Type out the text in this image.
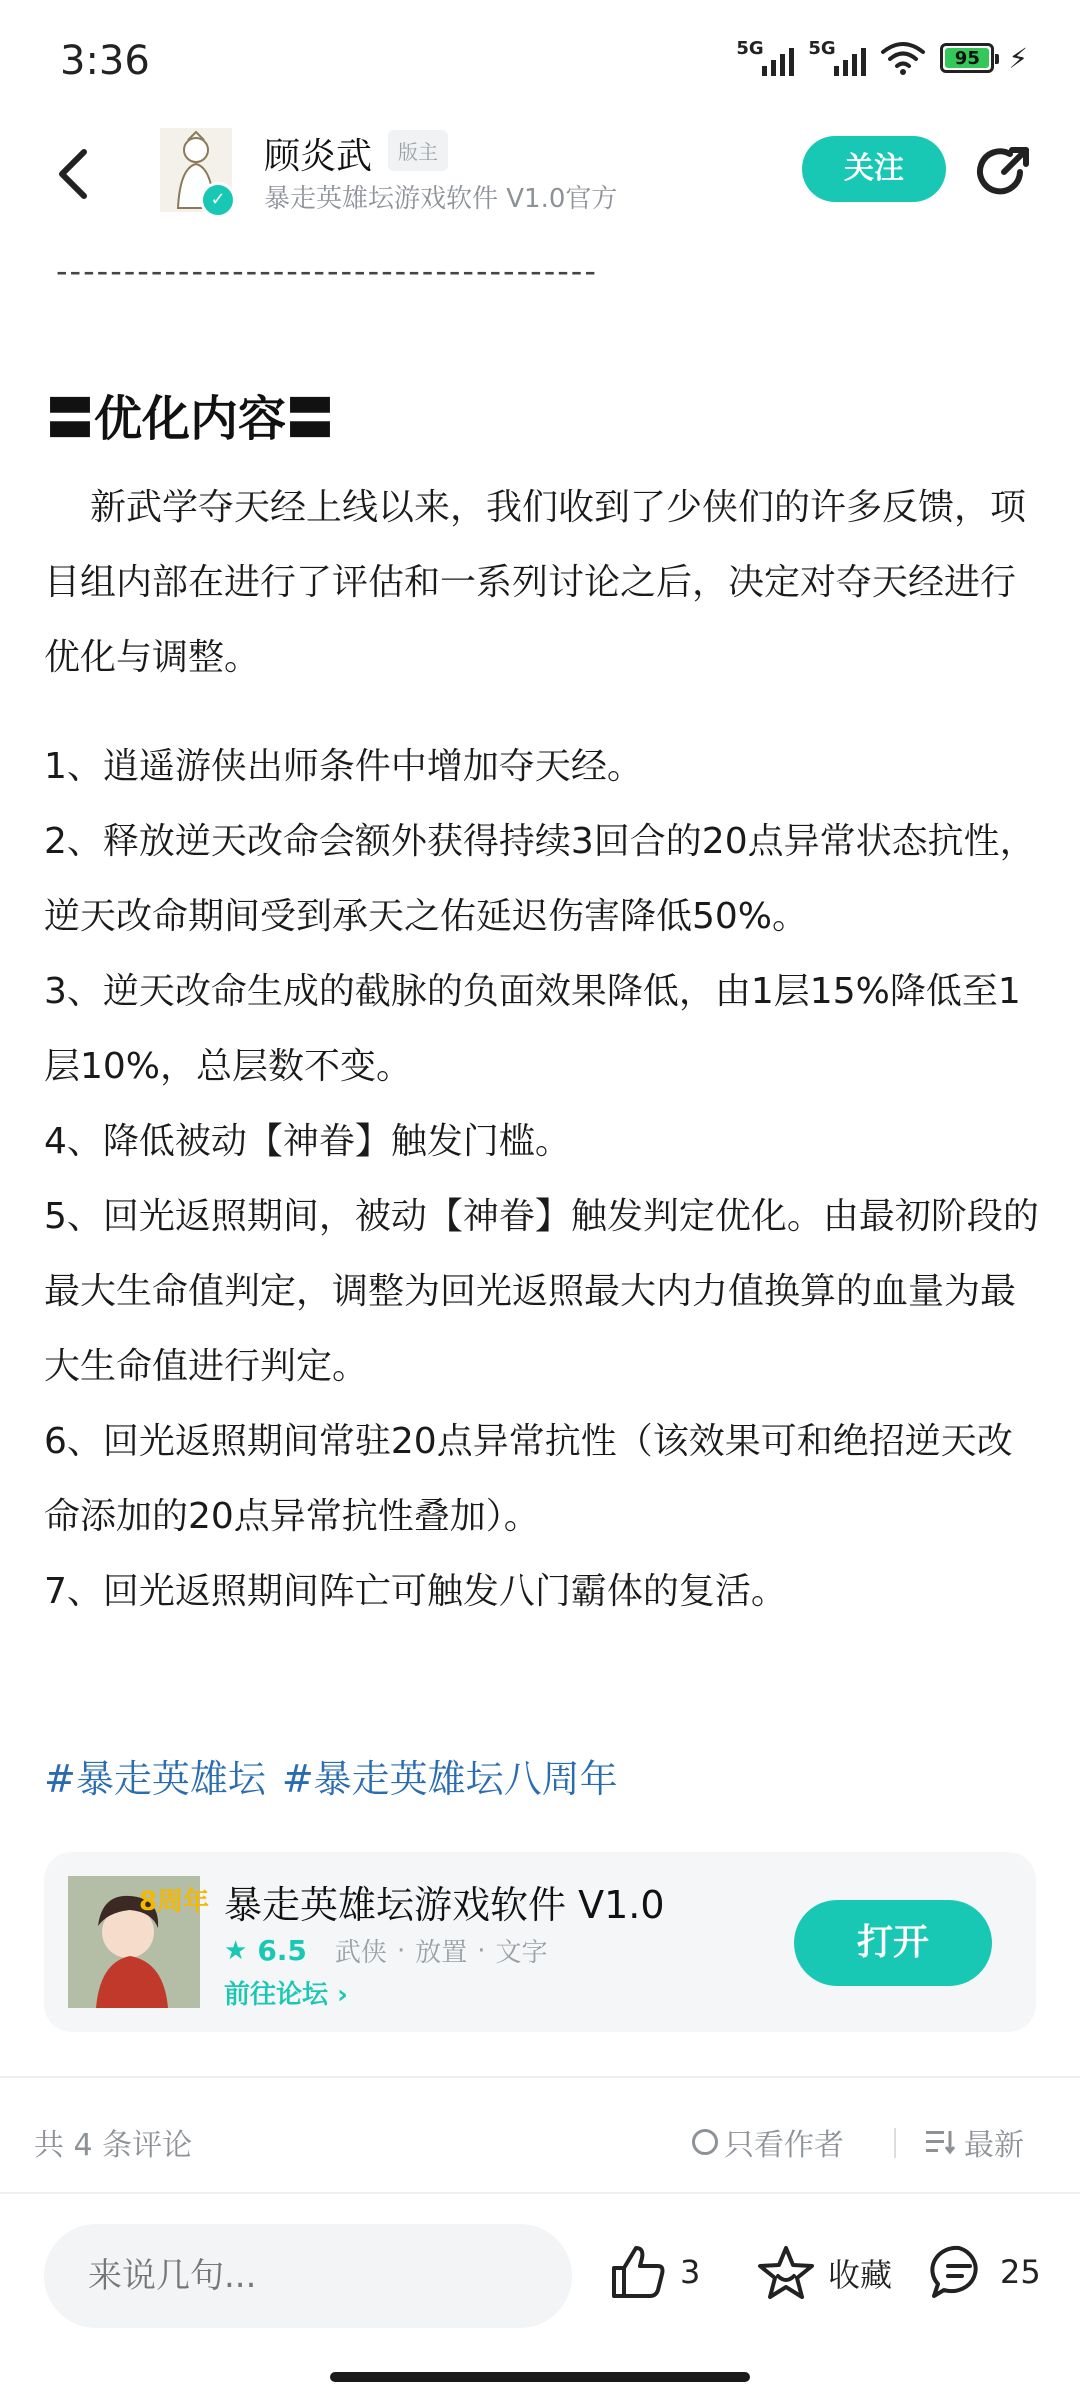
3:36	5G 5G	95	⚡
✓
顾炎武	版主
暴走英雄坛游戏软件 V1.0官方
关注
----------------------------------------
〓优化内容〓

新武学夺天经上线以来，我们收到了少侠们的许多反馈，项目组内部在进行了评估和一系列讨论之后，决定对夺天经进行优化与调整。

1、逍遥游侠出师条件中增加夺天经。

2、释放逆天改命会额外获得持续3回合的20点异常状态抗性，逆天改命期间受到承天之佑延迟伤害降低50%。

3、逆天改命生成的截脉的负面效果降低，由1层15%降低至1层10%，总层数不变。

4、降低被动【神眷】触发门槛。

5、回光返照期间，被动【神眷】触发判定优化。由最初阶段的最大生命值判定，调整为回光返照最大内力值换算的血量为最大生命值进行判定。

6、回光返照期间常驻20点异常抗性（该效果可和绝招逆天改命添加的20点异常抗性叠加）。

7、回光返照期间阵亡可触发八门霸体的复活。

#暴走英雄坛 #暴走英雄坛八周年
8周年 暴走英雄坛游戏软件 V1.0
★ 6.5 武侠 · 放置 · 文字
前往论坛 ›
打开
共 4 条评论	只看作者	最新
来说几句...	3	收藏	25
